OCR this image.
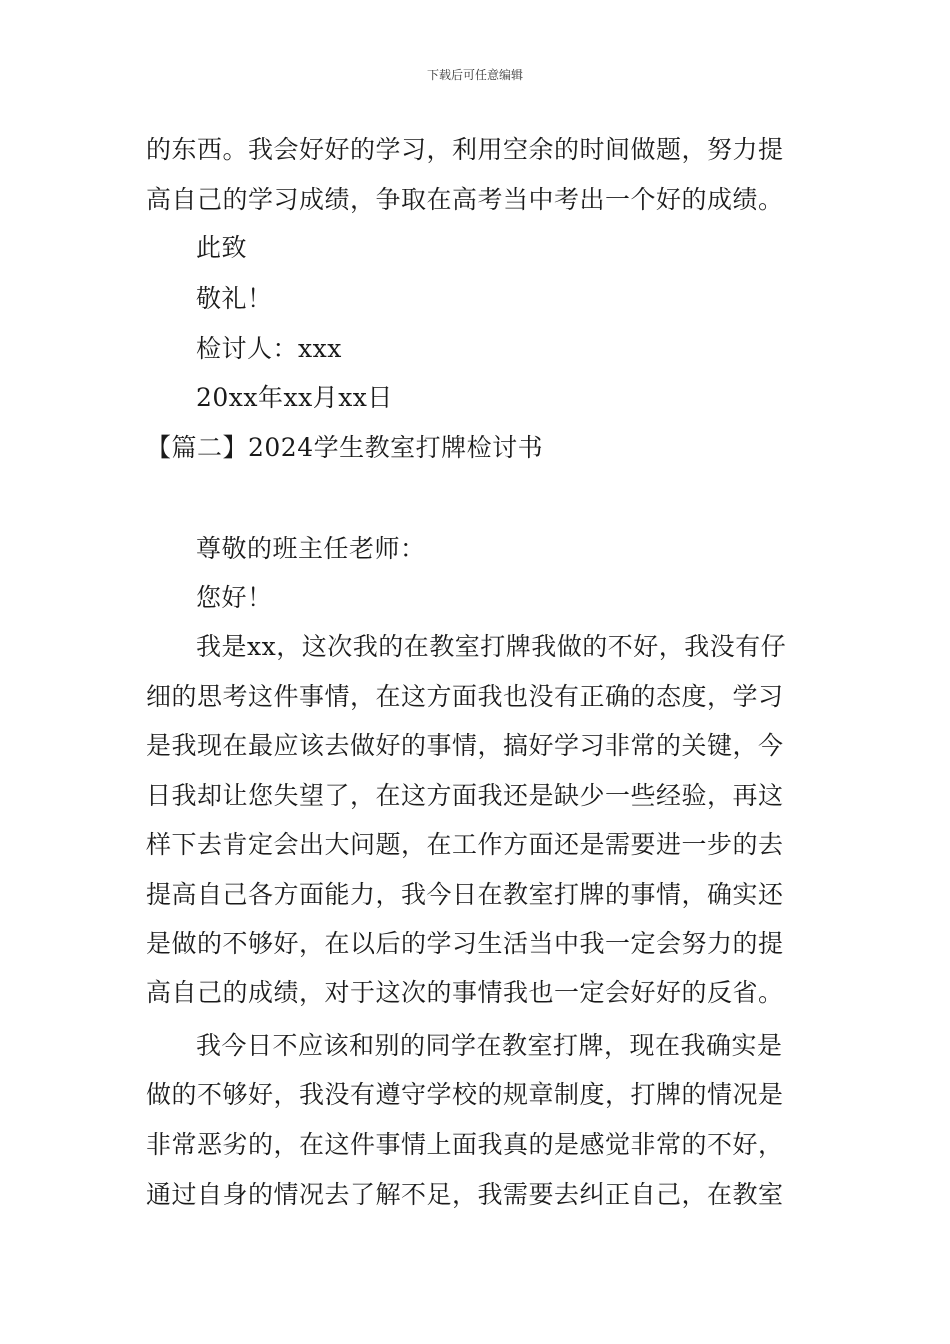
下载后可任意编辑
的东西。我会好好的学习，利用空余的时间做题，努力提
高自己的学习成绩，争取在高考当中考出一个好的成绩。
此致
敬礼！
检讨人：xxx
20xx年xx月xx日
【篇二】2024学生教室打牌检讨书
尊敬的班主任老师：
您好！
我是xx，这次我的在教室打牌我做的不好，我没有仔
细的思考这件事情，在这方面我也没有正确的态度，学习
是我现在最应该去做好的事情，搞好学习非常的关键，今
日我却让您失望了，在这方面我还是缺少一些经验，再这
样下去肯定会出大问题，在工作方面还是需要进一步的去
提高自己各方面能力，我今日在教室打牌的事情，确实还
是做的不够好，在以后的学习生活当中我一定会努力的提
高自己的成绩，对于这次的事情我也一定会好好的反省。
我今日不应该和别的同学在教室打牌，现在我确实是
做的不够好，我没有遵守学校的规章制度，打牌的情况是
非常恶劣的，在这件事情上面我真的是感觉非常的不好，
通过自身的情况去了解不足，我需要去纠正自己，在教室
